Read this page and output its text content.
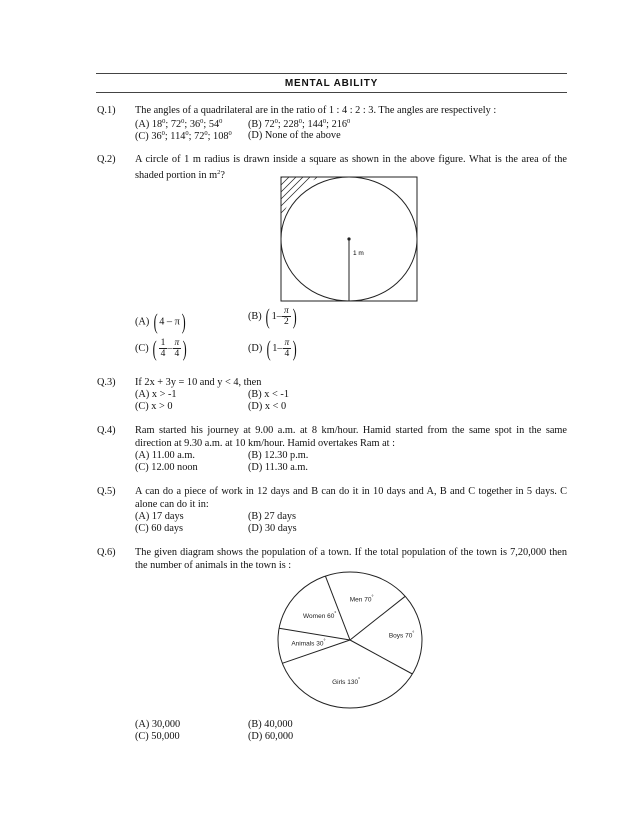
MENTAL ABILITY
Q.1) The angles of a quadrilateral are in the ratio of 1 : 4 : 2 : 3. The angles are respectively :
(A) $18^0$; $72^0$; $36^0$; $54^0$ (B) $72^0$; $228^0$; $144^0$; $216^0$
(C) $36^0$; $114^0$; $72^0$; $108^0$ (D) None of the above
Q.2) A circle of 1 m radius is drawn inside a square as shown in the above figure. What is the area of the shaded portion in $m^2$?
1 m
(A) ( 4 – π)	(B) ( $1- \frac{\pi}{2}$ )
(C) ( $\frac{1}{4} - \frac{\pi}{4}$ )	(D) ( $1- \frac{\pi}{4}$ )
Q.3) If 2x + 3y = 10 and y < 4, then
(A) x > -1	(B) x < -1
(C) x > 0	(D) x < 0
Q.4) Ram started his journey at 9.00 a.m. at 8 km/hour. Hamid started from the same spot in the same direction at 9.30 a.m. at 10 km/hour. Hamid overtakes Ram at :
(A) 11.00 a.m.	(B) 12.30 p.m.
(C) 12.00 noon	(D) 11.30 a.m.
Q.5) A can do a piece of work in 12 days and B can do it in 10 days and A, B and C together in 5 days. C alone can do it in:
(A) 17 days	(B) 27 days
(C) 60 days	(D) 30 days
Q.6) The given diagram shows the population of a town. If the total population of the town is 7,20,000 then the number of animals in the town is :
Men 70°
Boys 70°
Girls 130°
Animals 30°
Women 60°
(A) 30,000	(B) 40,000
(C) 50,000	(D) 60,000
